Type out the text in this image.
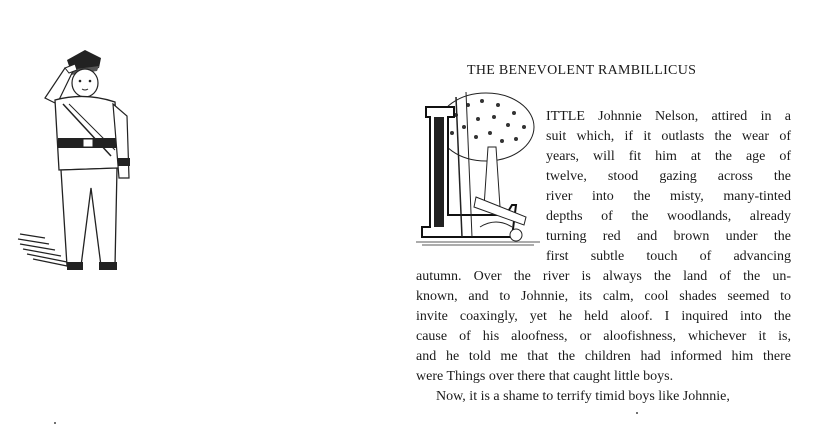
THE BENEVOLENT RAMBILLICUS
ITTLE Johnnie Nelson, attired in a
suit which, if it outlasts the wear of
years, will fit him at the age of
twelve, stood gazing across the
river into the misty, many-tinted
depths of the woodlands, already
turning red and brown under the
first subtle touch of advancing
autumn. Over the river is always the land of the un-
known, and to Johnnie, its calm, cool shades seemed to
invite coaxingly, yet he held aloof. I inquired into the
cause of his aloofness, or aloofishness, whichever it is,
and he told me that the children had informed him there
were Things over there that caught little boys.
Now, it is a shame to terrify timid boys like Johnnie,
